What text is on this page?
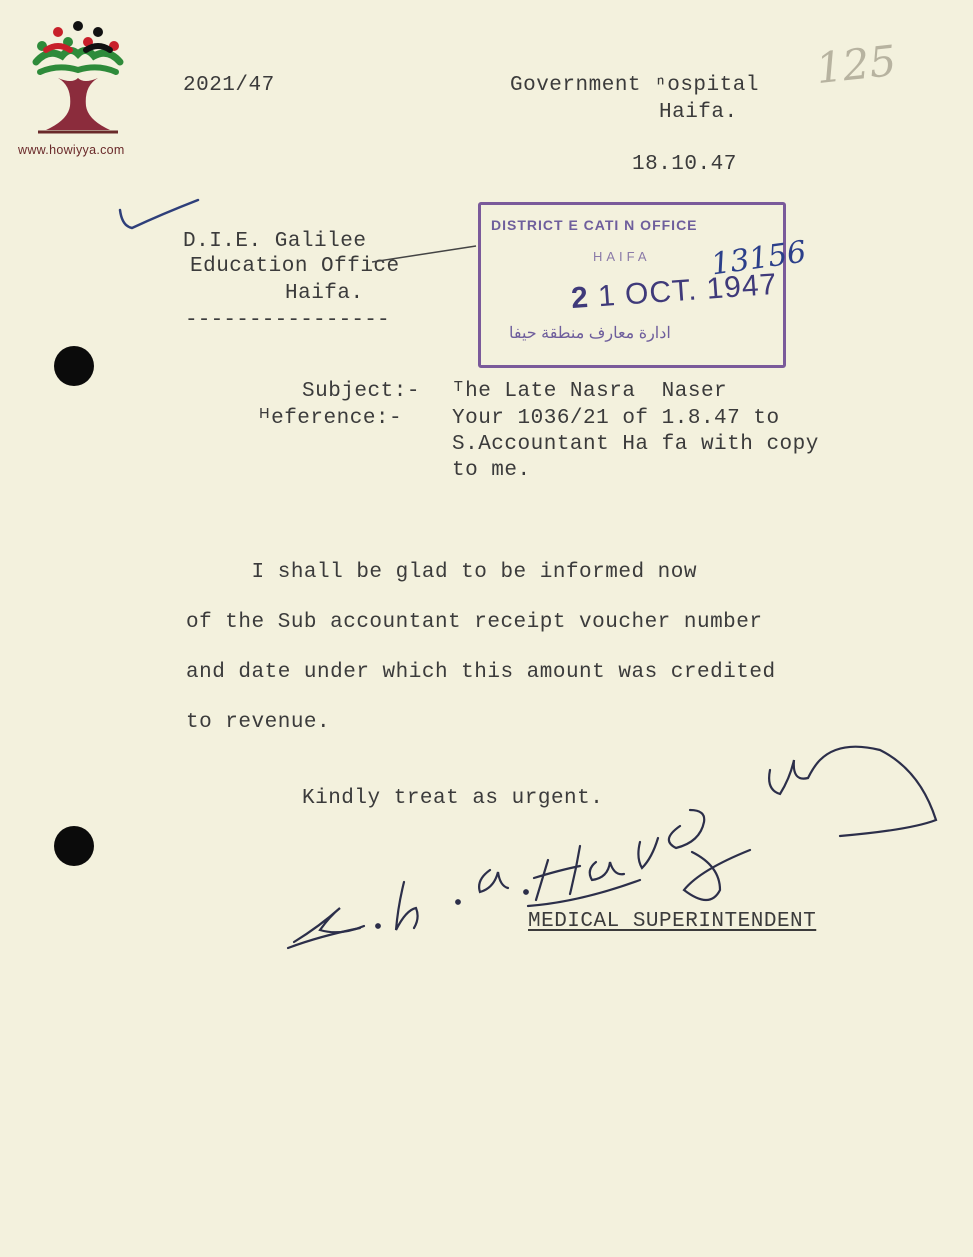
www.howiyya.com
2021/47	Government ⁿospital
Haifa.
18.10.47
125
D.I.E. Galilee
Education Office
Haifa.
----------------
DISTRICT E CATI N OFFICE
HAIFA
2 1 OCT. 1947
ادارة معارف منطقة حيفا
13156
Subject:- ᵀhe Late Nasra  Naser
ᴴeference:- Your 1036/21 of 1.8.47 to
S.Accountant Ha fa with copy
to me.
I shall be glad to be informed now
of the Sub accountant receipt voucher number
and date under which this amount was credited
to revenue.
Kindly treat as urgent.
MEDICAL SUPERINTENDENT
